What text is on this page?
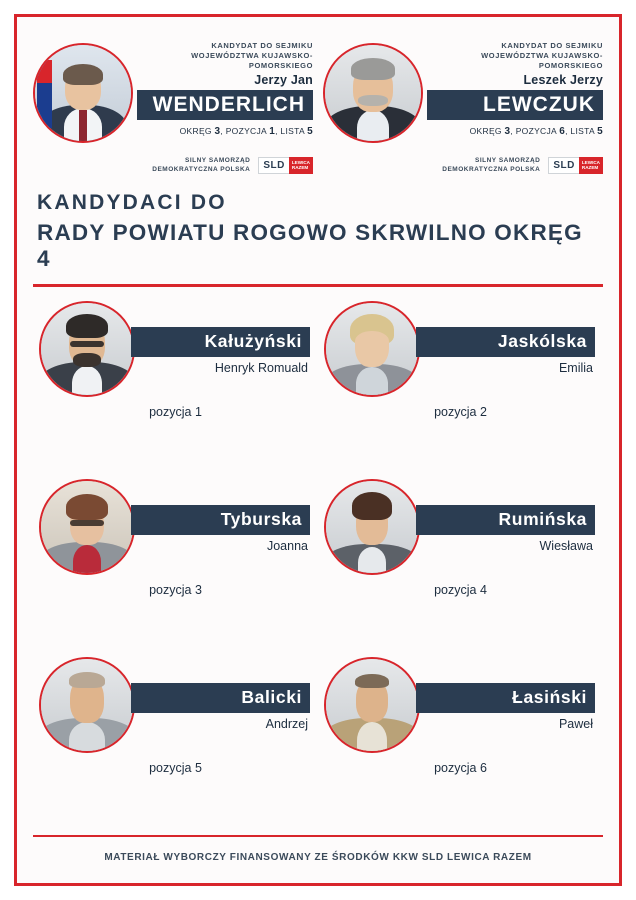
KANDYDAT DO SEJMIKU
WOJEWÓDZTWA KUJAWSKO-POMORSKIEGO
Jerzy Jan
WENDERLICH
OKRĘG 3, POZYCJA 1, LISTA 5
SILNY SAMORZĄD
DEMOKRATYCZNA POLSKA	SLD	LEWICA
RAZEM
KANDYDAT DO SEJMIKU
WOJEWÓDZTWA KUJAWSKO-POMORSKIEGO
Leszek Jerzy
LEWCZUK
OKRĘG 3, POZYCJA 6, LISTA 5
SILNY SAMORZĄD
DEMOKRATYCZNA POLSKA	SLD	LEWICA
RAZEM
KANDYDACI DO
RADY POWIATU ROGOWO SKRWILNO OKRĘG 4
Kałużyński
Henryk Romuald
pozycja 1
Jaskólska
Emilia
pozycja 2
Tyburska
Joanna
pozycja 3
Rumińska
Wiesława
pozycja 4
Balicki
Andrzej
pozycja 5
Łasiński
Paweł
pozycja 6
MATERIAŁ WYBORCZY FINANSOWANY ZE ŚRODKÓW KKW SLD LEWICA RAZEM
